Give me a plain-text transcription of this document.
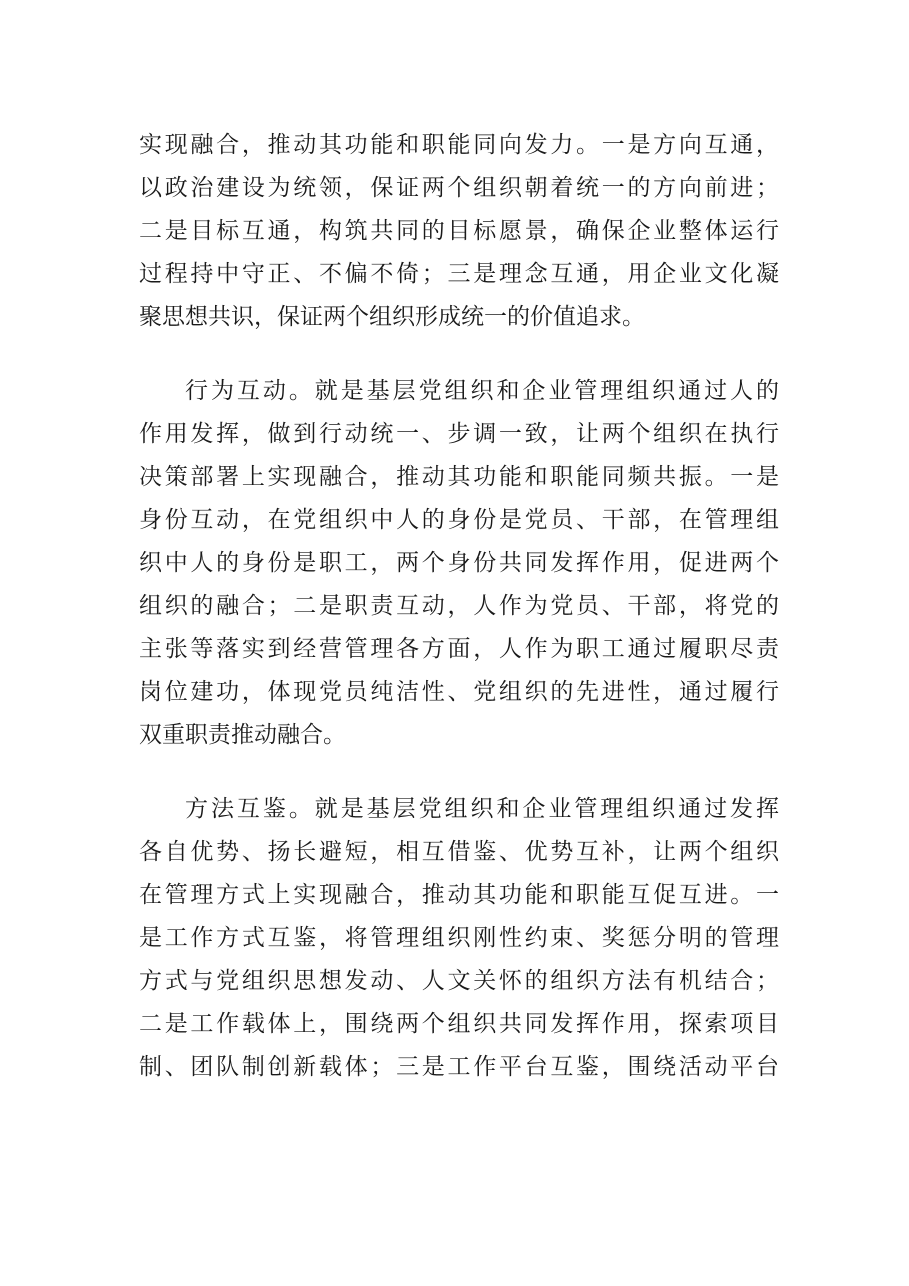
实现融合，推动其功能和职能同向发力。一是方向互通，
以政治建设为统领，保证两个组织朝着统一的方向前进；
二是目标互通，构筑共同的目标愿景，确保企业整体运行
过程持中守正、不偏不倚；三是理念互通，用企业文化凝
聚思想共识，保证两个组织形成统一的价值追求。
行为互动。就是基层党组织和企业管理组织通过人的
作用发挥，做到行动统一、步调一致，让两个组织在执行
决策部署上实现融合，推动其功能和职能同频共振。一是
身份互动，在党组织中人的身份是党员、干部，在管理组
织中人的身份是职工，两个身份共同发挥作用，促进两个
组织的融合；二是职责互动，人作为党员、干部，将党的
主张等落实到经营管理各方面，人作为职工通过履职尽责
岗位建功，体现党员纯洁性、党组织的先进性，通过履行
双重职责推动融合。
方法互鉴。就是基层党组织和企业管理组织通过发挥
各自优势、扬长避短，相互借鉴、优势互补，让两个组织
在管理方式上实现融合，推动其功能和职能互促互进。一
是工作方式互鉴，将管理组织刚性约束、奖惩分明的管理
方式与党组织思想发动、人文关怀的组织方法有机结合；
二是工作载体上，围绕两个组织共同发挥作用，探索项目
制、团队制创新载体；三是工作平台互鉴，围绕活动平台
